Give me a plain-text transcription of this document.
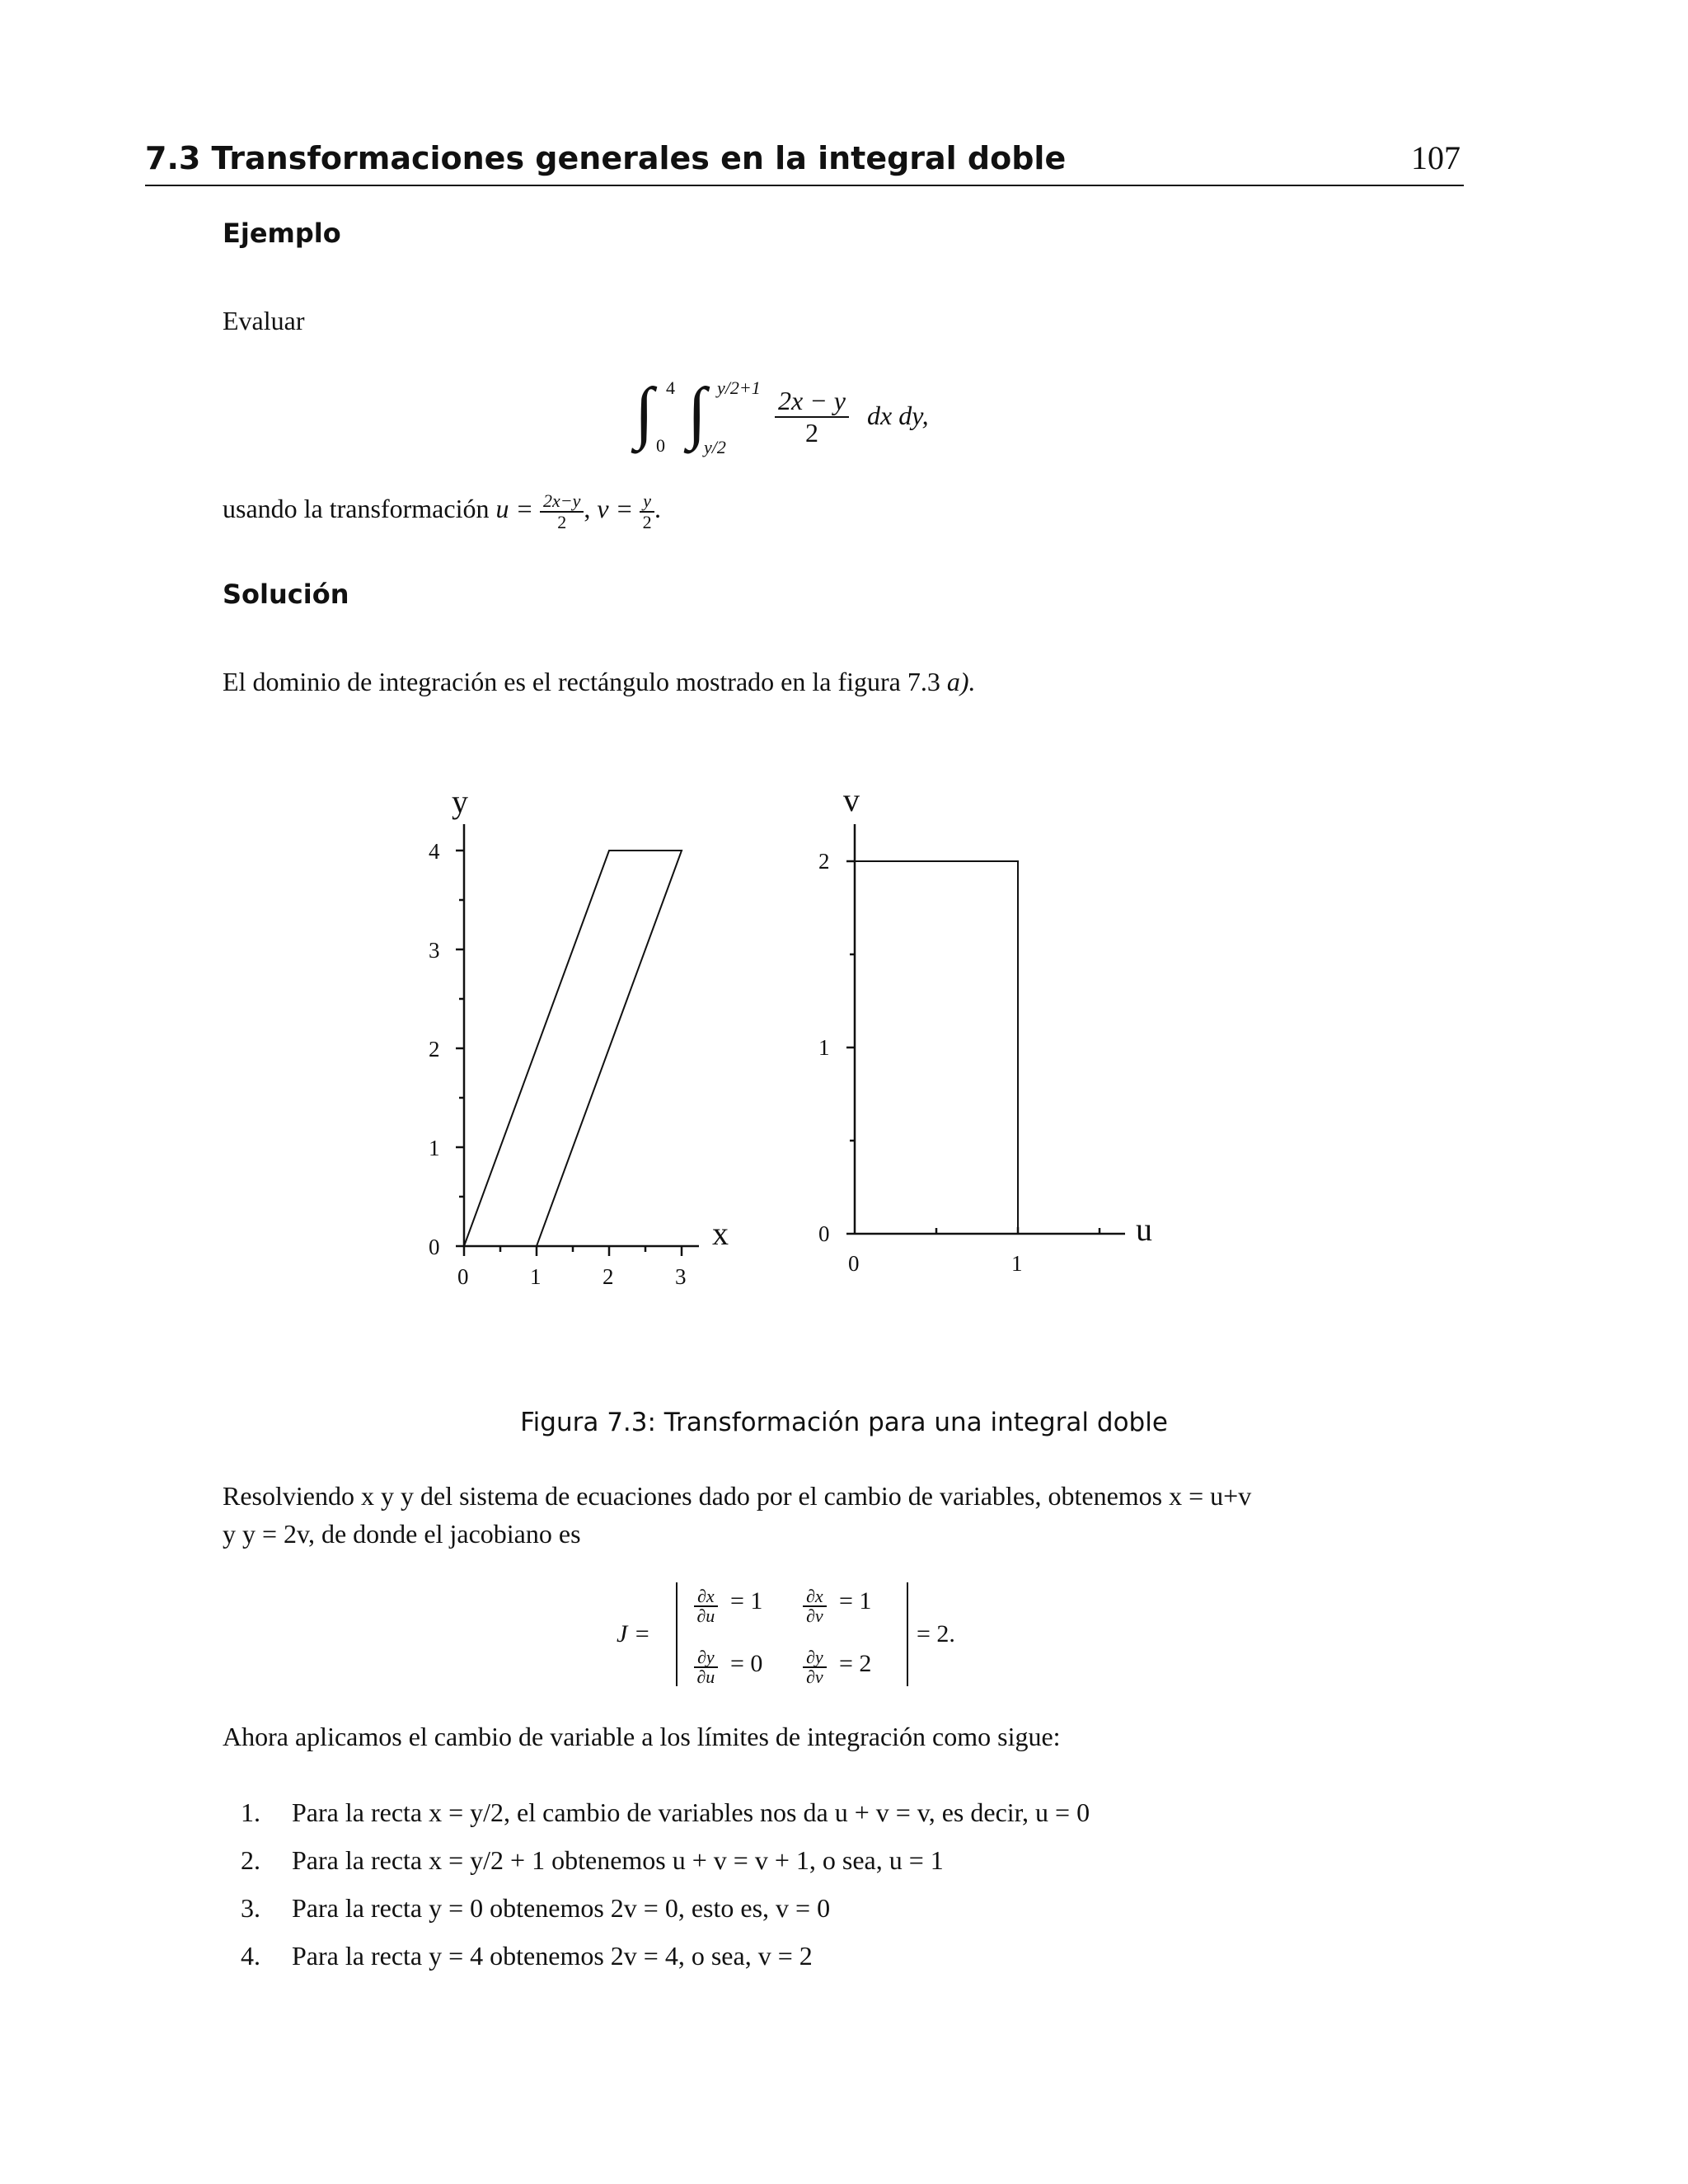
7.3 Transformaciones generales en la integral doble	107
Ejemplo
Evaluar
∫ 4
0 ∫ y/2+1
$y/2 \frac{2x - y}{2}$ dx dy,
usando la transformación $u = \frac{2x-y}{2}$ , $v = \frac{y}{2}$ .
Solución
El dominio de integración es el rectángulo mostrado en la figura 7.3 a).
y
x
0
1
2
3
4
0	1	2	3
v
u
0
1
2
0	1
Figura 7.3: Transformación para una integral doble
Resolviendo x y y del sistema de ecuaciones dado por el cambio de variables, obtenemos x = u+v
y y = 2v, de donde el jacobiano es
J =
$\frac{\partial x}{\partial u} = 1 \frac{\partial x}{\partial v} = 1$
$\frac{\partial y}{\partial u} = 0 \frac{\partial y}{\partial v} = 2$
= 2.
Ahora aplicamos el cambio de variable a los límites de integración como sigue:
1. Para la recta x = y/2, el cambio de variables nos da u + v = v, es decir, u = 0
2. Para la recta x = y/2 + 1 obtenemos u + v = v + 1, o sea, u = 1
3. Para la recta y = 0 obtenemos 2v = 0, esto es, v = 0
4. Para la recta y = 4 obtenemos 2v = 4, o sea, v = 2
